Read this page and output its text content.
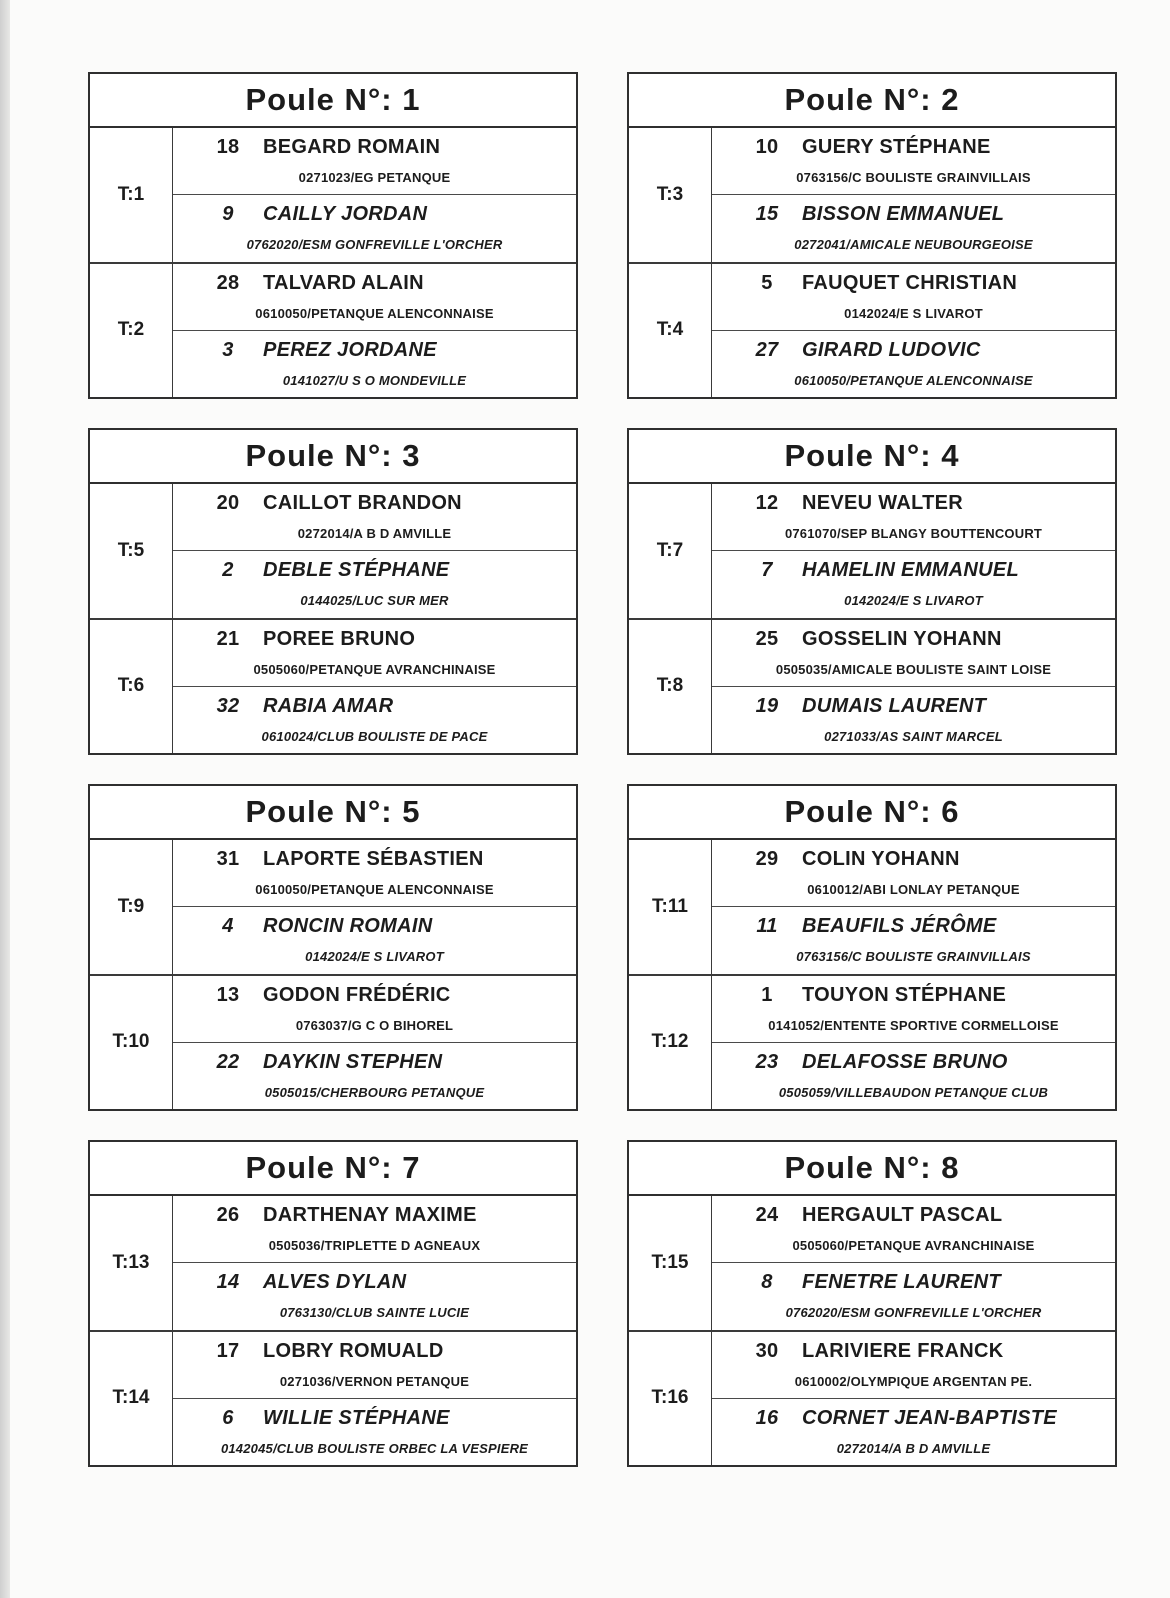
Poule N°: 1
T:1
18	BEGARD ROMAIN
0271023/EG PETANQUE
9	CAILLY JORDAN
0762020/ESM GONFREVILLE L'ORCHER
T:2
28	TALVARD ALAIN
0610050/PETANQUE ALENCONNAISE
3	PEREZ JORDANE
0141027/U S O MONDEVILLE
Poule N°: 2
T:3
10	GUERY STÉPHANE
0763156/C BOULISTE GRAINVILLAIS
15	BISSON EMMANUEL
0272041/AMICALE NEUBOURGEOISE
T:4
5	FAUQUET CHRISTIAN
0142024/E S LIVAROT
27	GIRARD LUDOVIC
0610050/PETANQUE ALENCONNAISE
Poule N°: 3
T:5
20	CAILLOT BRANDON
0272014/A B D AMVILLE
2	DEBLE STÉPHANE
0144025/LUC SUR MER
T:6
21	POREE BRUNO
0505060/PETANQUE AVRANCHINAISE
32	RABIA AMAR
0610024/CLUB BOULISTE DE PACE
Poule N°: 4
T:7
12	NEVEU WALTER
0761070/SEP BLANGY BOUTTENCOURT
7	HAMELIN EMMANUEL
0142024/E S LIVAROT
T:8
25	GOSSELIN YOHANN
0505035/AMICALE BOULISTE SAINT LOISE
19	DUMAIS LAURENT
0271033/AS SAINT MARCEL
Poule N°: 5
T:9
31	LAPORTE SÉBASTIEN
0610050/PETANQUE ALENCONNAISE
4	RONCIN ROMAIN
0142024/E S LIVAROT
T:10
13	GODON FRÉDÉRIC
0763037/G C O BIHOREL
22	DAYKIN STEPHEN
0505015/CHERBOURG PETANQUE
Poule N°: 6
T:11
29	COLIN YOHANN
0610012/ABI LONLAY PETANQUE
11	BEAUFILS JÉRÔME
0763156/C BOULISTE GRAINVILLAIS
T:12
1	TOUYON STÉPHANE
0141052/ENTENTE SPORTIVE CORMELLOISE
23	DELAFOSSE BRUNO
0505059/VILLEBAUDON PETANQUE CLUB
Poule N°: 7
T:13
26	DARTHENAY MAXIME
0505036/TRIPLETTE D AGNEAUX
14	ALVES DYLAN
0763130/CLUB SAINTE LUCIE
T:14
17	LOBRY ROMUALD
0271036/VERNON PETANQUE
6	WILLIE STÉPHANE
0142045/CLUB BOULISTE ORBEC LA VESPIERE
Poule N°: 8
T:15
24	HERGAULT PASCAL
0505060/PETANQUE AVRANCHINAISE
8	FENETRE LAURENT
0762020/ESM GONFREVILLE L'ORCHER
T:16
30	LARIVIERE FRANCK
0610002/OLYMPIQUE ARGENTAN PE.
16	CORNET JEAN-BAPTISTE
0272014/A B D AMVILLE
